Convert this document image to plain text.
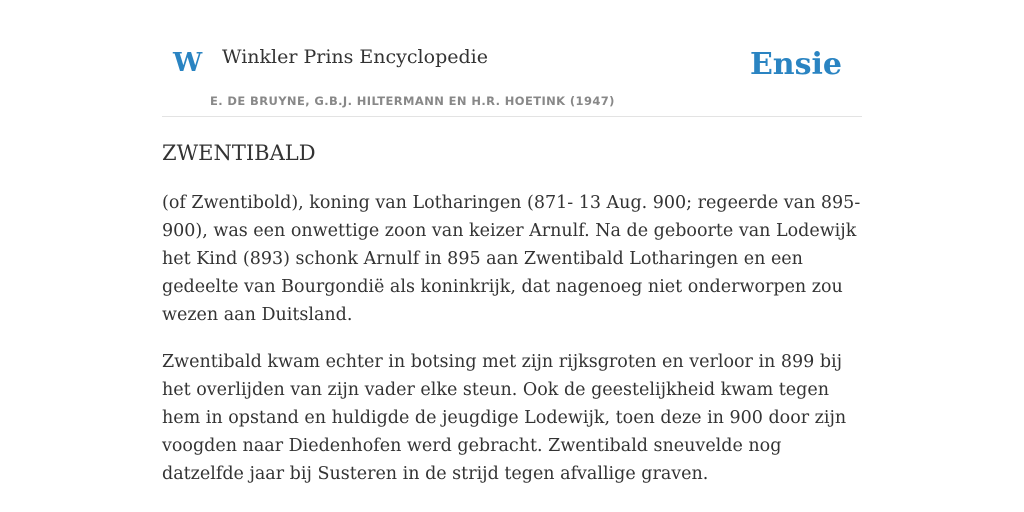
W Winkler Prins Encyclopedie
E. DE BRUYNE, G.B.J. HILTERMANN EN H.R. HOETINK (1947)
Ensie
ZWENTIBALD

(of Zwentibold), koning van Lotharingen (871- 13 Aug. 900; regeerde van 895-900), was een onwettige zoon van keizer Arnulf. Na de geboorte van Lodewijk het Kind (893) schonk Arnulf in 895 aan Zwentibald Lotharingen en een gedeelte van Bourgondië als koninkrijk, dat nagenoeg niet onderworpen zou wezen aan Duitsland.

Zwentibald kwam echter in botsing met zijn rijksgroten en verloor in 899 bij het overlijden van zijn vader elke steun. Ook de geestelijkheid kwam tegen hem in opstand en huldigde de jeugdige Lodewijk, toen deze in 900 door zijn voogden naar Diedenhofen werd gebracht. Zwentibald sneuvelde nog datzelfde jaar bij Susteren in de strijd tegen afvallige graven.
